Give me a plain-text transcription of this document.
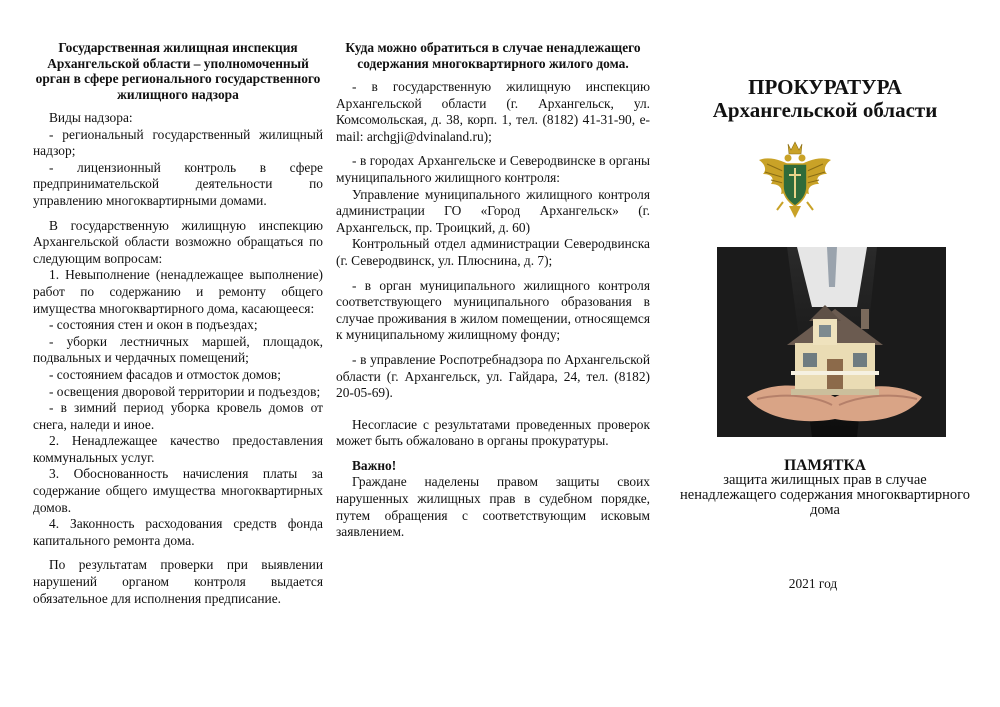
Государственная жилищная инспекция Архангельской области – уполномоченный орган в сфере регионального государственного жилищного надзора

Виды надзора:

- региональный государственный жилищный надзор;

- лицензионный контроль в сфере предпринимательской деятельности по управлению многоквартирными домами.

В государственную жилищную инспекцию Архангельской области возможно обращаться по следующим вопросам:

1. Невыполнение (ненадлежащее выполнение) работ по содержанию и ремонту общего имущества многоквартирного дома, касающееся:

- состояния стен и окон в подъездах;

- уборки лестничных маршей, площадок, подвальных и чердачных помещений;

- состоянием фасадов и отмосток домов;

- освещения дворовой территории и подъездов;

- в зимний период уборка кровель домов от снега, наледи и иное.

2. Ненадлежащее качество предоставления коммунальных услуг.

3. Обоснованность начисления платы за содержание общего имущества многоквартирных домов.

4. Законность расходования средств фонда капитального ремонта дома.

По результатам проверки при выявлении нарушений органом контроля выдается обязательное для исполнения предписание.

Куда можно обратиться в случае ненадлежащего содержания многоквартирного жилого дома.

- в государственную жилищную инспекцию Архангельской области (г. Архангельск, ул. Комсомольская, д. 38, корп. 1, тел. (8182) 41-31-90, e-mail: archgji@dvinaland.ru);

- в городах Архангельске и Северодвинске в органы муниципального жилищного контроля:

Управление муниципального жилищного контроля администрации ГО «Город Архангельск» (г. Архангельск, пр. Троицкий, д. 60)

Контрольный отдел администрации Северодвинска (г. Северодвинск, ул. Плюснина, д. 7);

- в орган муниципального жилищного контроля соответствующего муниципального образования в случае проживания в жилом помещении, относящемся к муниципальному жилищному фонду;

- в управление Роспотребнадзора по Архангельской области (г. Архангельск, ул. Гайдара, 24, тел. (8182) 20-05-69).

Несогласие с результатами проведенных проверок может быть обжаловано в органы прокуратуры.

Важно!

Граждане наделены правом защиты своих нарушенных жилищных прав в судебном порядке, путем обращения с соответствующим исковым заявлением.

ПРОКУРАТУРА
Архангельской области
ПАМЯТКА
защита жилищных прав в случае ненадлежащего содержания многоквартирного дома
2021 год
